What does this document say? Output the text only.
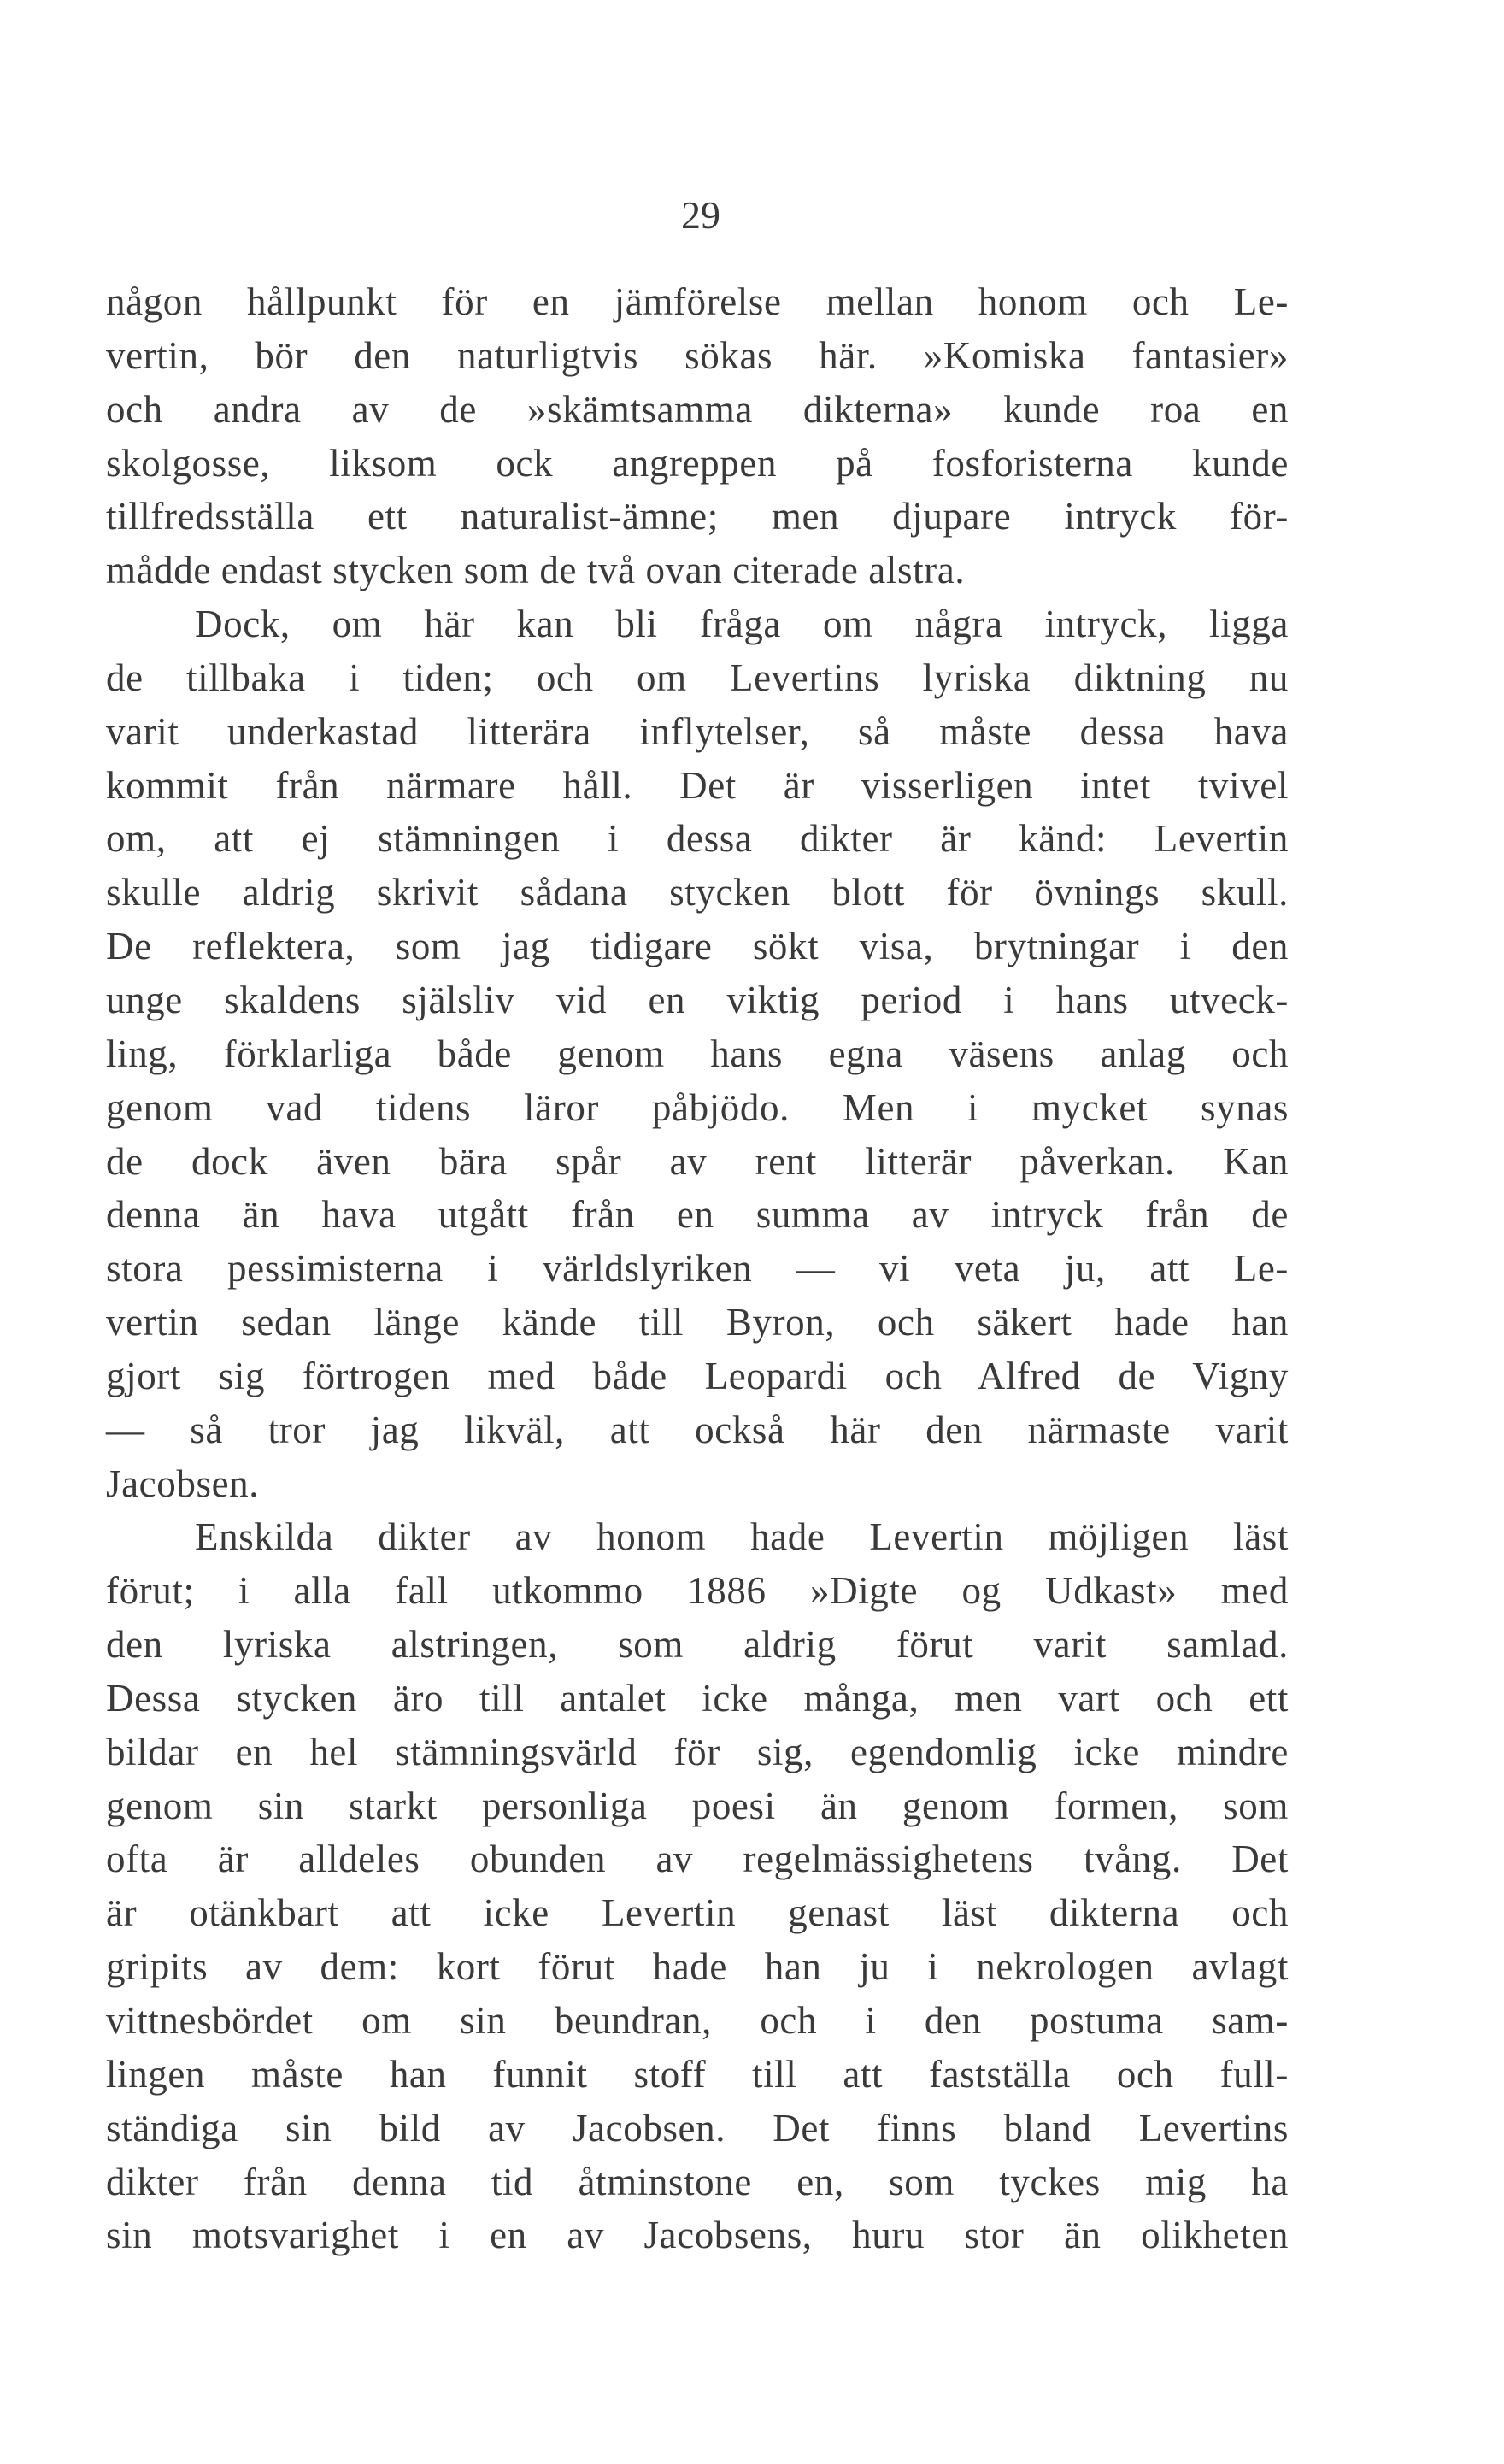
29
någon hållpunkt för en jämförelse mellan honom och Le-
vertin, bör den naturligtvis sökas här. »Komiska fantasier»
och andra av de »skämtsamma dikterna» kunde roa en
skolgosse, liksom ock angreppen på fosforisterna kunde
tillfredsställa ett naturalist-ämne; men djupare intryck för-
mådde endast stycken som de två ovan citerade alstra.
Dock, om här kan bli fråga om några intryck, ligga
de tillbaka i tiden; och om Levertins lyriska diktning nu
varit underkastad litterära inflytelser, så måste dessa hava
kommit från närmare håll. Det är visserligen intet tvivel
om, att ej stämningen i dessa dikter är känd: Levertin
skulle aldrig skrivit sådana stycken blott för övnings skull.
De reflektera, som jag tidigare sökt visa, brytningar i den
unge skaldens själsliv vid en viktig period i hans utveck-
ling, förklarliga både genom hans egna väsens anlag och
genom vad tidens läror påbjödo. Men i mycket synas
de dock även bära spår av rent litterär påverkan. Kan
denna än hava utgått från en summa av intryck från de
stora pessimisterna i världslyriken — vi veta ju, att Le-
vertin sedan länge kände till Byron, och säkert hade han
gjort sig förtrogen med både Leopardi och Alfred de Vigny
— så tror jag likväl, att också här den närmaste varit
Jacobsen.
Enskilda dikter av honom hade Levertin möjligen läst
förut; i alla fall utkommo 1886 »Digte og Udkast» med
den lyriska alstringen, som aldrig förut varit samlad.
Dessa stycken äro till antalet icke många, men vart och ett
bildar en hel stämningsvärld för sig, egendomlig icke mindre
genom sin starkt personliga poesi än genom formen, som
ofta är alldeles obunden av regelmässighetens tvång. Det
är otänkbart att icke Levertin genast läst dikterna och
gripits av dem: kort förut hade han ju i nekrologen avlagt
vittnesbördet om sin beundran, och i den postuma sam-
lingen måste han funnit stoff till att fastställa och full-
ständiga sin bild av Jacobsen. Det finns bland Levertins
dikter från denna tid åtminstone en, som tyckes mig ha
sin motsvarighet i en av Jacobsens, huru stor än olikheten
